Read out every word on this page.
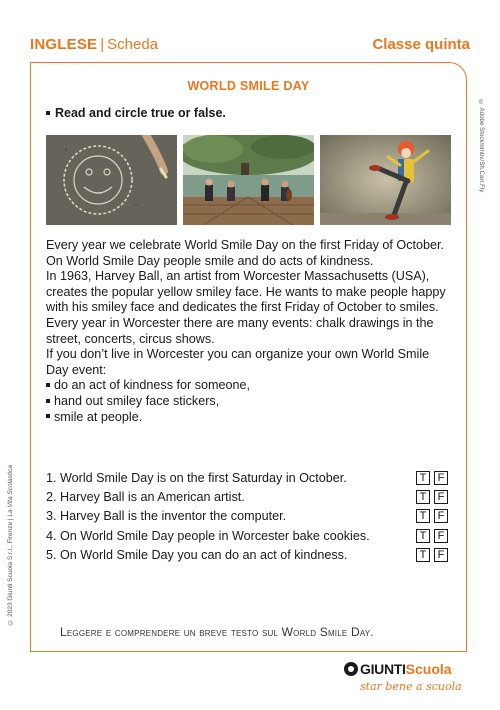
INGLESE | Scheda	Classe quinta
© Adobe Stock/nmbv/Sh.Carr.Fly
© 2023 Giunti Scuola S.r.l., Firenze | La Vita Scolastica
WORLD SMILE DAY
Read and circle true or false.

Every year we celebrate World Smile Day on the first Friday of October.

On World Smile Day people smile and do acts of kindness.

In 1963, Harvey Ball, an artist from Worcester Massachusetts (USA),

creates the popular yellow smiley face. He wants to make people happy

with his smiley face and dedicates the first Friday of October to smiles.

Every year in Worcester there are many events: chalk drawings in the

street, concerts, circus shows.

If you don’t live in Worcester you can organize your own World Smile

Day event:

do an act of kindness for someone,
hand out smiley face stickers,
smile at people.
1. World Smile Day is on the first Saturday in October.	T	F
2. Harvey Ball is an American artist.	T	F
3. Harvey Ball is the inventor the computer.	T	F
4. On World Smile Day people in Worcester bake cookies.	T	F
5. On World Smile Day you can do an act of kindness.	T	F
Leggere e comprendere un breve testo sul World Smile Day.
GIUNTIScuola
star bene a scuola
